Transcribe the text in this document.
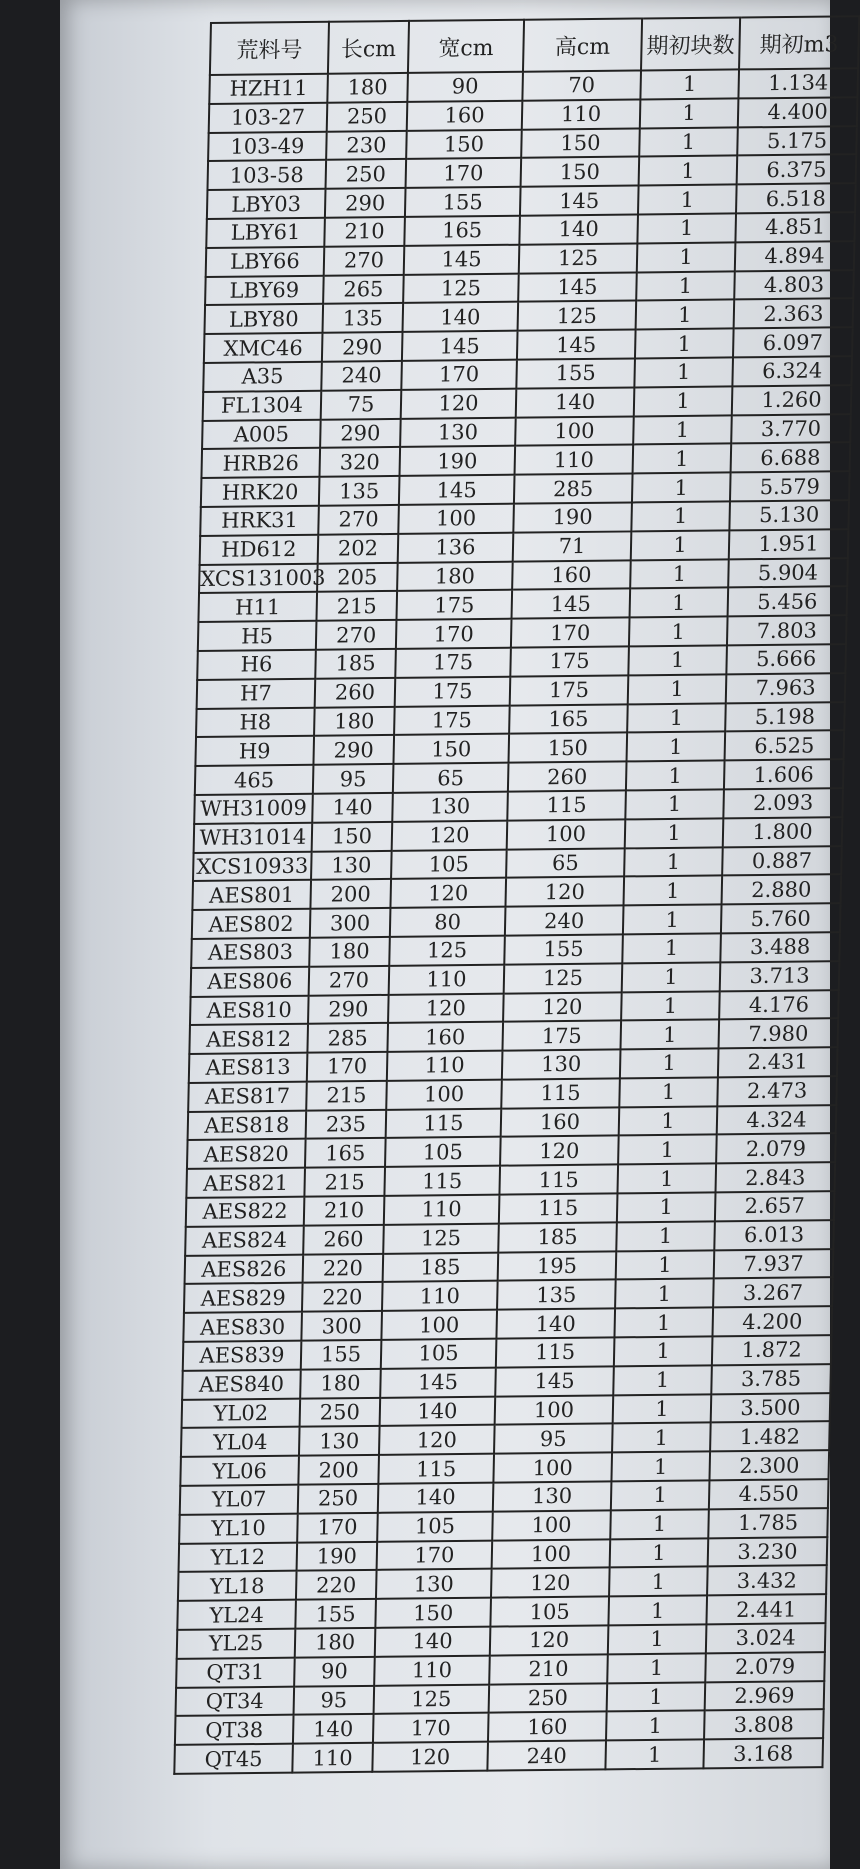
荒料号	长cm	宽cm	高cm	期初块数	期初m3
HZH11	180	90	70	1	1.134
103-27	250	160	110	1	4.400
103-49	230	150	150	1	5.175
103-58	250	170	150	1	6.375
LBY03	290	155	145	1	6.518
LBY61	210	165	140	1	4.851
LBY66	270	145	125	1	4.894
LBY69	265	125	145	1	4.803
LBY80	135	140	125	1	2.363
XMC46	290	145	145	1	6.097
A35	240	170	155	1	6.324
FL1304	75	120	140	1	1.260
A005	290	130	100	1	3.770
HRB26	320	190	110	1	6.688
HRK20	135	145	285	1	5.579
HRK31	270	100	190	1	5.130
HD612	202	136	71	1	1.951
XCS131003	205	180	160	1	5.904
H11	215	175	145	1	5.456
H5	270	170	170	1	7.803
H6	185	175	175	1	5.666
H7	260	175	175	1	7.963
H8	180	175	165	1	5.198
H9	290	150	150	1	6.525
465	95	65	260	1	1.606
WH31009	140	130	115	1	2.093
WH31014	150	120	100	1	1.800
XCS10933	130	105	65	1	0.887
AES801	200	120	120	1	2.880
AES802	300	80	240	1	5.760
AES803	180	125	155	1	3.488
AES806	270	110	125	1	3.713
AES810	290	120	120	1	4.176
AES812	285	160	175	1	7.980
AES813	170	110	130	1	2.431
AES817	215	100	115	1	2.473
AES818	235	115	160	1	4.324
AES820	165	105	120	1	2.079
AES821	215	115	115	1	2.843
AES822	210	110	115	1	2.657
AES824	260	125	185	1	6.013
AES826	220	185	195	1	7.937
AES829	220	110	135	1	3.267
AES830	300	100	140	1	4.200
AES839	155	105	115	1	1.872
AES840	180	145	145	1	3.785
YL02	250	140	100	1	3.500
YL04	130	120	95	1	1.482
YL06	200	115	100	1	2.300
YL07	250	140	130	1	4.550
YL10	170	105	100	1	1.785
YL12	190	170	100	1	3.230
YL18	220	130	120	1	3.432
YL24	155	150	105	1	2.441
YL25	180	140	120	1	3.024
QT31	90	110	210	1	2.079
QT34	95	125	250	1	2.969
QT38	140	170	160	1	3.808
QT45	110	120	240	1	3.168
